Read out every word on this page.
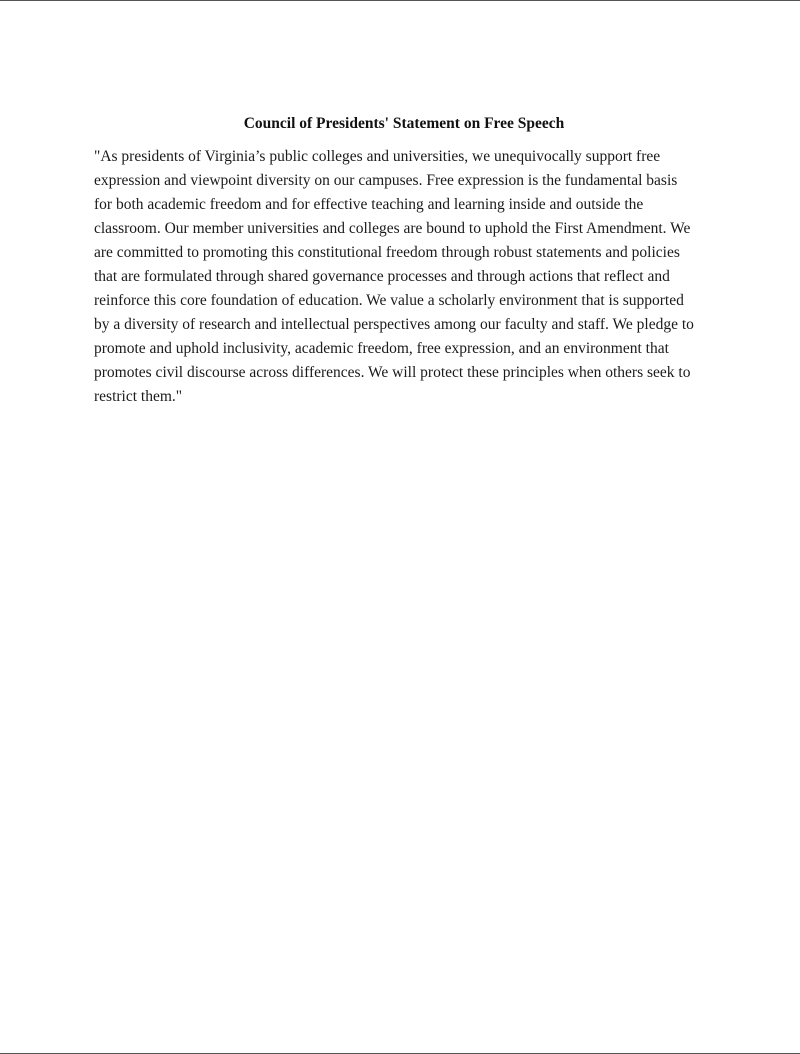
Council of Presidents' Statement on Free Speech
"As presidents of Virginia’s public colleges and universities, we unequivocally support free
expression and viewpoint diversity on our campuses. Free expression is the fundamental basis
for both academic freedom and for effective teaching and learning inside and outside the
classroom. Our member universities and colleges are bound to uphold the First Amendment. We
are committed to promoting this constitutional freedom through robust statements and policies
that are formulated through shared governance processes and through actions that reflect and
reinforce this core foundation of education. We value a scholarly environment that is supported
by a diversity of research and intellectual perspectives among our faculty and staff. We pledge to
promote and uphold inclusivity, academic freedom, free expression, and an environment that
promotes civil discourse across differences. We will protect these principles when others seek to
restrict them."
